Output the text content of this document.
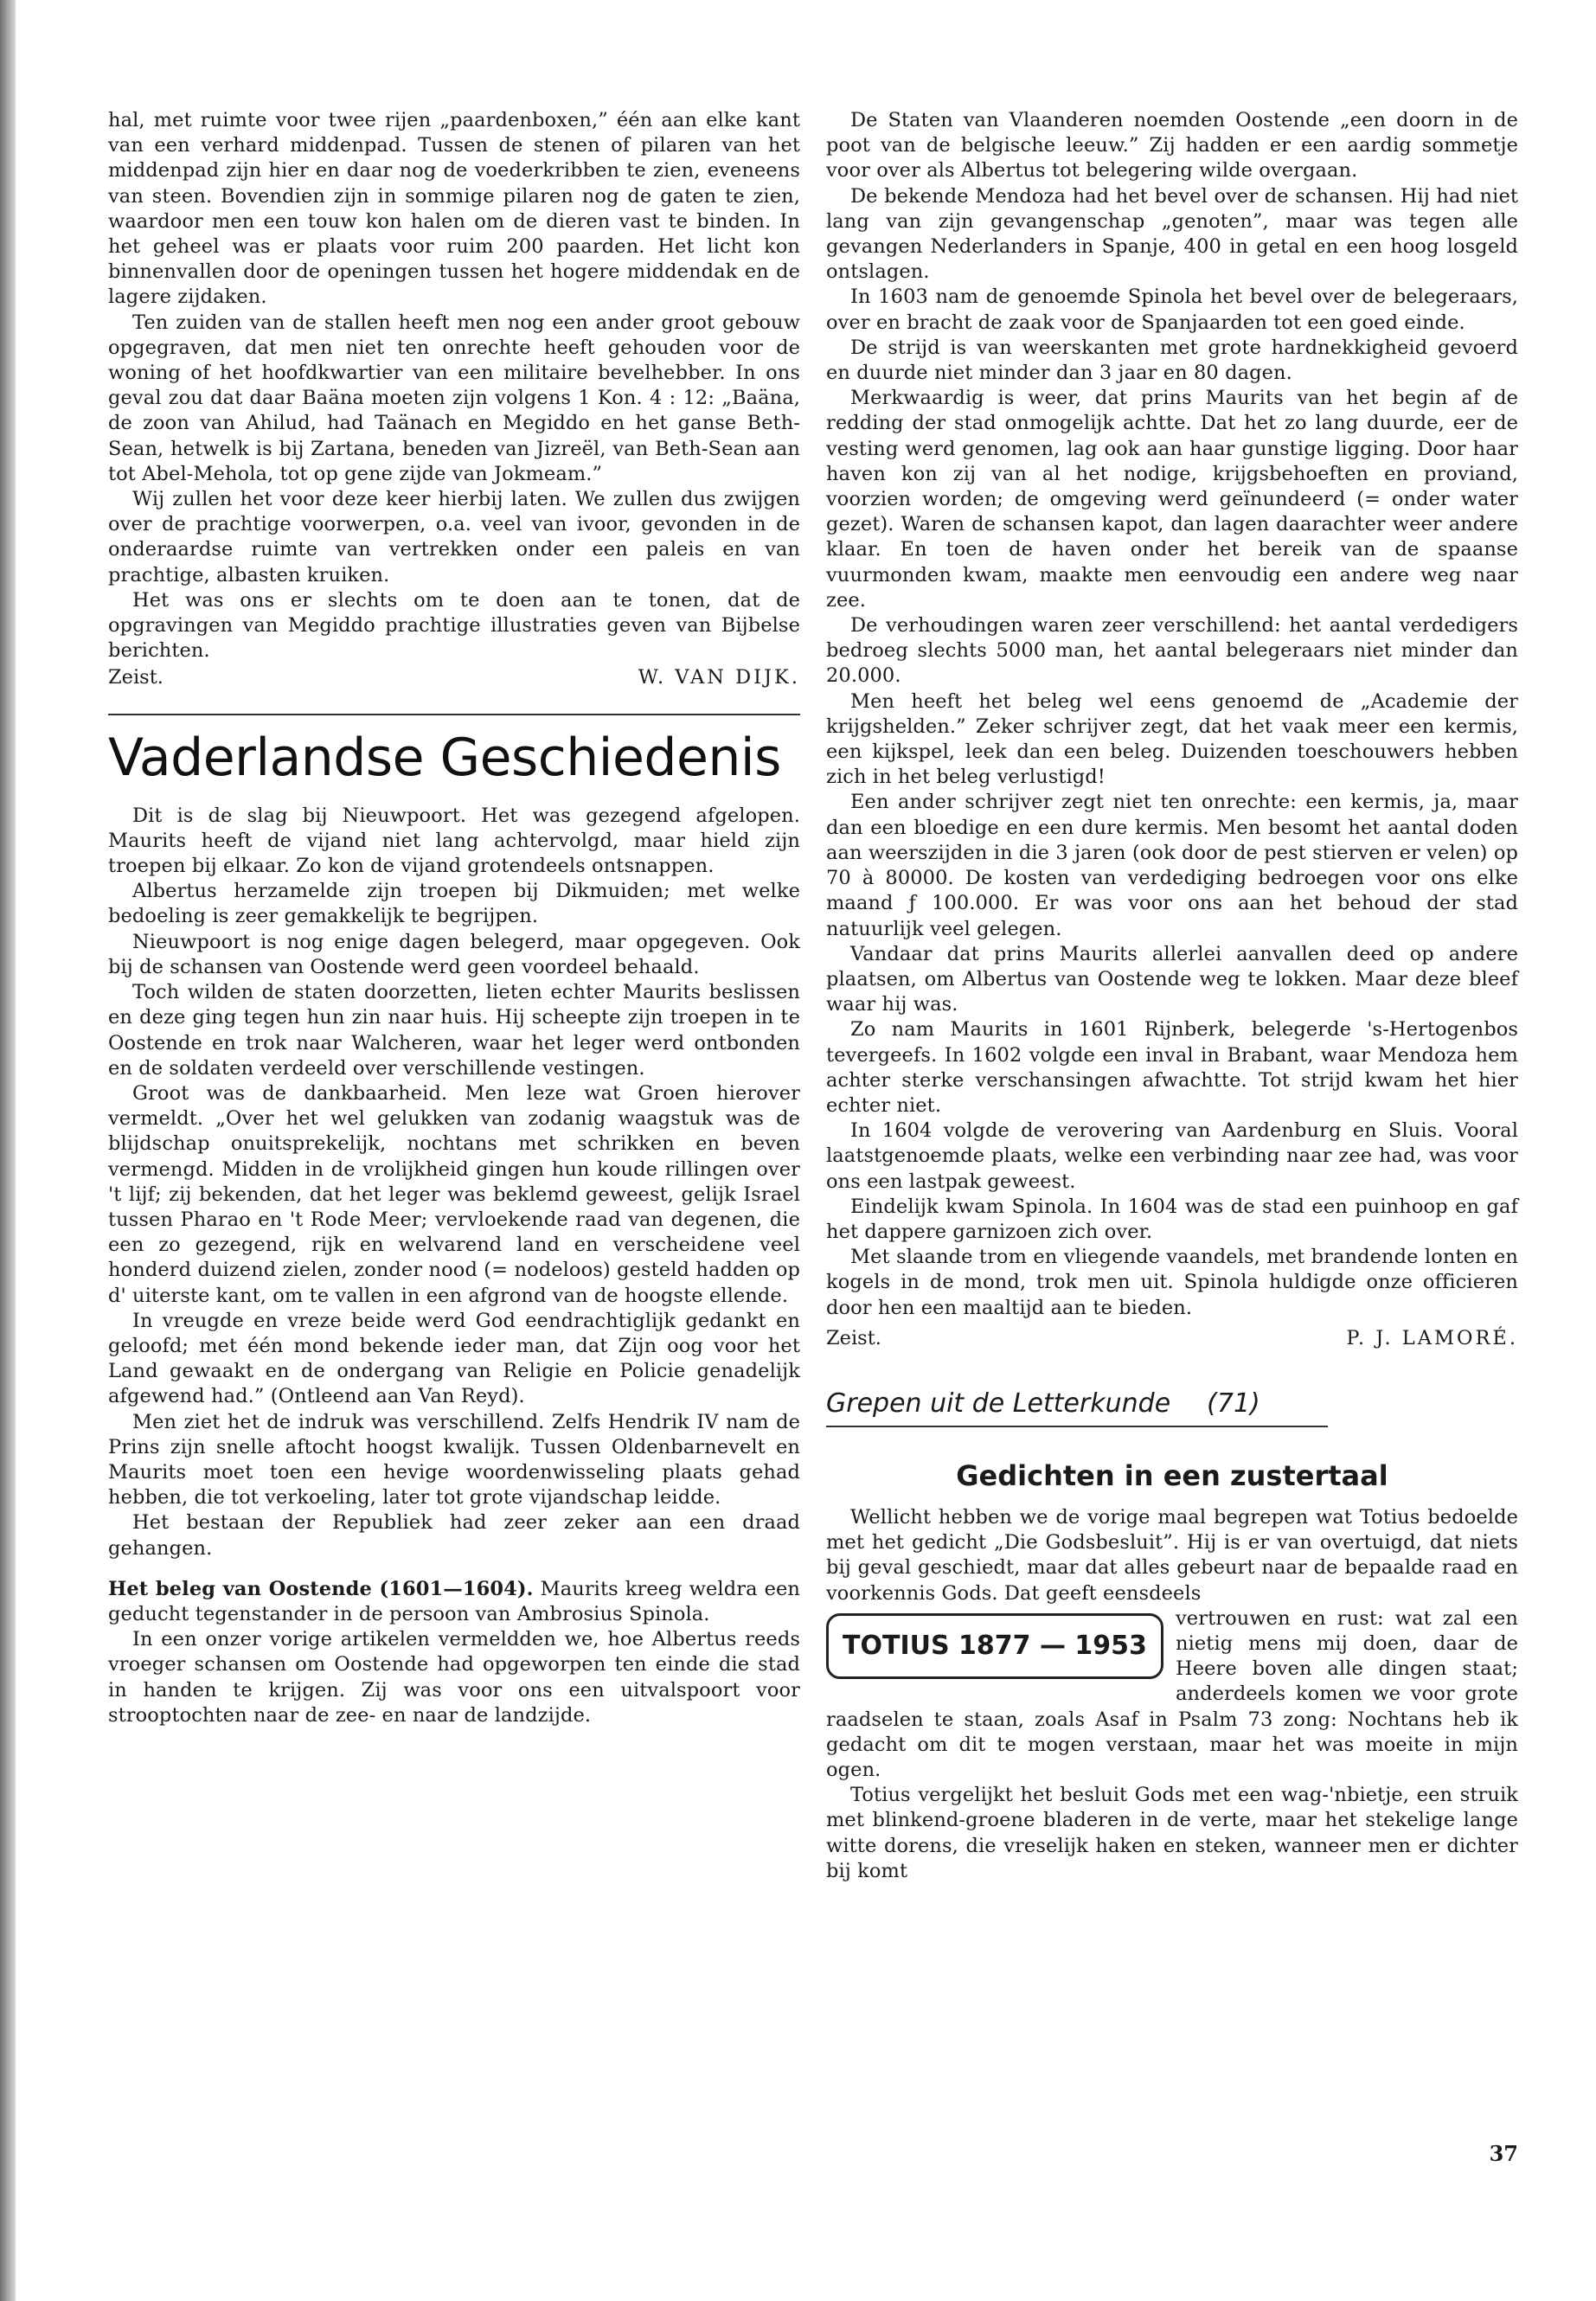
hal, met ruimte voor twee rijen „paardenboxen,” één aan elke kant van een verhard middenpad. Tussen de stenen of pilaren van het middenpad zijn hier en daar nog de voederkribben te zien, eveneens van steen. Bovendien zijn in sommige pilaren nog de gaten te zien, waardoor men een touw kon halen om de dieren vast te binden. In het geheel was er plaats voor ruim 200 paarden. Het licht kon binnenvallen door de openingen tussen het hogere middendak en de lagere zijdaken.

Ten zuiden van de stallen heeft men nog een ander groot gebouw opgegraven, dat men niet ten onrechte heeft gehouden voor de woning of het hoofdkwartier van een militaire bevelhebber. In ons geval zou dat daar Baäna moeten zijn volgens 1 Kon. 4 : 12: „Baäna, de zoon van Ahilud, had Taänach en Megiddo en het ganse Beth-Sean, hetwelk is bij Zartana, beneden van Jizreël, van Beth-Sean aan tot Abel-Mehola, tot op gene zijde van Jokmeam.”

Wij zullen het voor deze keer hierbij laten. We zullen dus zwijgen over de prachtige voorwerpen, o.a. veel van ivoor, gevonden in de onderaardse ruimte van vertrekken onder een paleis en van prachtige, albasten kruiken.

Het was ons er slechts om te doen aan te tonen, dat de opgravingen van Megiddo prachtige illustraties geven van Bijbelse berichten.

Zeist.	W. VAN DIJK.
Vaderlandse Geschiedenis

Dit is de slag bij Nieuwpoort. Het was gezegend afgelopen. Maurits heeft de vijand niet lang achtervolgd, maar hield zijn troepen bij elkaar. Zo kon de vijand grotendeels ontsnappen.

Albertus herzamelde zijn troepen bij Dikmuiden; met welke bedoeling is zeer gemakkelijk te begrijpen.

Nieuwpoort is nog enige dagen belegerd, maar opgegeven. Ook bij de schansen van Oostende werd geen voordeel behaald.

Toch wilden de staten doorzetten, lieten echter Maurits beslissen en deze ging tegen hun zin naar huis. Hij scheepte zijn troepen in te Oostende en trok naar Walcheren, waar het leger werd ontbonden en de soldaten verdeeld over verschillende vestingen.

Groot was de dankbaarheid. Men leze wat Groen hierover vermeldt. „Over het wel gelukken van zodanig waagstuk was de blijdschap onuitsprekelijk, nochtans met schrikken en beven vermengd. Midden in de vrolijkheid gingen hun koude rillingen over 't lijf; zij bekenden, dat het leger was beklemd geweest, gelijk Israel tussen Pharao en 't Rode Meer; vervloekende raad van degenen, die een zo gezegend, rijk en welvarend land en verscheidene veel honderd duizend zielen, zonder nood (= nodeloos) gesteld hadden op d' uiterste kant, om te vallen in een afgrond van de hoogste ellende.

In vreugde en vreze beide werd God eendrachtiglijk gedankt en geloofd; met één mond bekende ieder man, dat Zijn oog voor het Land gewaakt en de ondergang van Religie en Policie genadelijk afgewend had.” (Ontleend aan Van Reyd).

Men ziet het de indruk was verschillend. Zelfs Hendrik IV nam de Prins zijn snelle aftocht hoogst kwalijk. Tussen Oldenbarnevelt en Maurits moet toen een hevige woordenwisseling plaats gehad hebben, die tot verkoeling, later tot grote vijandschap leidde.

Het bestaan der Republiek had zeer zeker aan een draad gehangen.

Het beleg van Oostende (1601—1604). Maurits kreeg weldra een geducht tegenstander in de persoon van Ambrosius Spinola.

In een onzer vorige artikelen vermeldden we, hoe Albertus reeds vroeger schansen om Oostende had opgeworpen ten einde die stad in handen te krijgen. Zij was voor ons een uitvalspoort voor strooptochten naar de zee- en naar de landzijde.

De Staten van Vlaanderen noemden Oostende „een doorn in de poot van de belgische leeuw.” Zij hadden er een aardig sommetje voor over als Albertus tot belegering wilde overgaan.

De bekende Mendoza had het bevel over de schansen. Hij had niet lang van zijn gevangenschap „genoten”, maar was tegen alle gevangen Nederlanders in Spanje, 400 in getal en een hoog losgeld ontslagen.

In 1603 nam de genoemde Spinola het bevel over de belegeraars, over en bracht de zaak voor de Spanjaarden tot een goed einde.

De strijd is van weerskanten met grote hardnekkigheid gevoerd en duurde niet minder dan 3 jaar en 80 dagen.

Merkwaardig is weer, dat prins Maurits van het begin af de redding der stad onmogelijk achtte. Dat het zo lang duurde, eer de vesting werd genomen, lag ook aan haar gunstige ligging. Door haar haven kon zij van al het nodige, krijgsbehoeften en proviand, voorzien worden; de omgeving werd geïnundeerd (= onder water gezet). Waren de schansen kapot, dan lagen daarachter weer andere klaar. En toen de haven onder het bereik van de spaanse vuurmonden kwam, maakte men eenvoudig een andere weg naar zee.

De verhoudingen waren zeer verschillend: het aantal verdedigers bedroeg slechts 5000 man, het aantal belegeraars niet minder dan 20.000.

Men heeft het beleg wel eens genoemd de „Academie der krijgshelden.” Zeker schrijver zegt, dat het vaak meer een kermis, een kijkspel, leek dan een beleg. Duizenden toeschouwers hebben zich in het beleg verlustigd!

Een ander schrijver zegt niet ten onrechte: een kermis, ja, maar dan een bloedige en een dure kermis. Men besomt het aantal doden aan weerszijden in die 3 jaren (ook door de pest stierven er velen) op 70 à 80000. De kosten van verdediging bedroegen voor ons elke maand ƒ 100.000. Er was voor ons aan het behoud der stad natuurlijk veel gelegen.

Vandaar dat prins Maurits allerlei aanvallen deed op andere plaatsen, om Albertus van Oostende weg te lokken. Maar deze bleef waar hij was.

Zo nam Maurits in 1601 Rijnberk, belegerde 's-Hertogenbos tevergeefs. In 1602 volgde een inval in Brabant, waar Mendoza hem achter sterke verschansingen afwachtte. Tot strijd kwam het hier echter niet.

In 1604 volgde de verovering van Aardenburg en Sluis. Vooral laatstgenoemde plaats, welke een verbinding naar zee had, was voor ons een lastpak geweest.

Eindelijk kwam Spinola. In 1604 was de stad een puinhoop en gaf het dappere garnizoen zich over.

Met slaande trom en vliegende vaandels, met brandende lonten en kogels in de mond, trok men uit. Spinola huldigde onze officieren door hen een maaltijd aan te bieden.

Zeist.	P. J. LAMORÉ.
Grepen uit de Letterkunde (71)
Gedichten in een zustertaal

Wellicht hebben we de vorige maal begrepen wat Totius bedoelde met het gedicht „Die Godsbesluit”. Hij is er van overtuigd, dat niets bij geval geschiedt, maar dat alles gebeurt naar de bepaalde raad en voorkennis Gods. Dat geeft eensdeels

TOTIUS 1877 — 1953

vertrouwen en rust: wat zal een nietig mens mij doen, daar de Heere boven alle dingen staat; anderdeels komen we voor grote raadselen te staan, zoals Asaf in Psalm 73 zong: Nochtans heb ik gedacht om dit te mogen verstaan, maar het was moeite in mijn ogen.

Totius vergelijkt het besluit Gods met een wag-'nbietje, een struik met blinkend-groene bladeren in de verte, maar het stekelige lange witte dorens, die vreselijk haken en steken, wanneer men er dichter bij komt

37
